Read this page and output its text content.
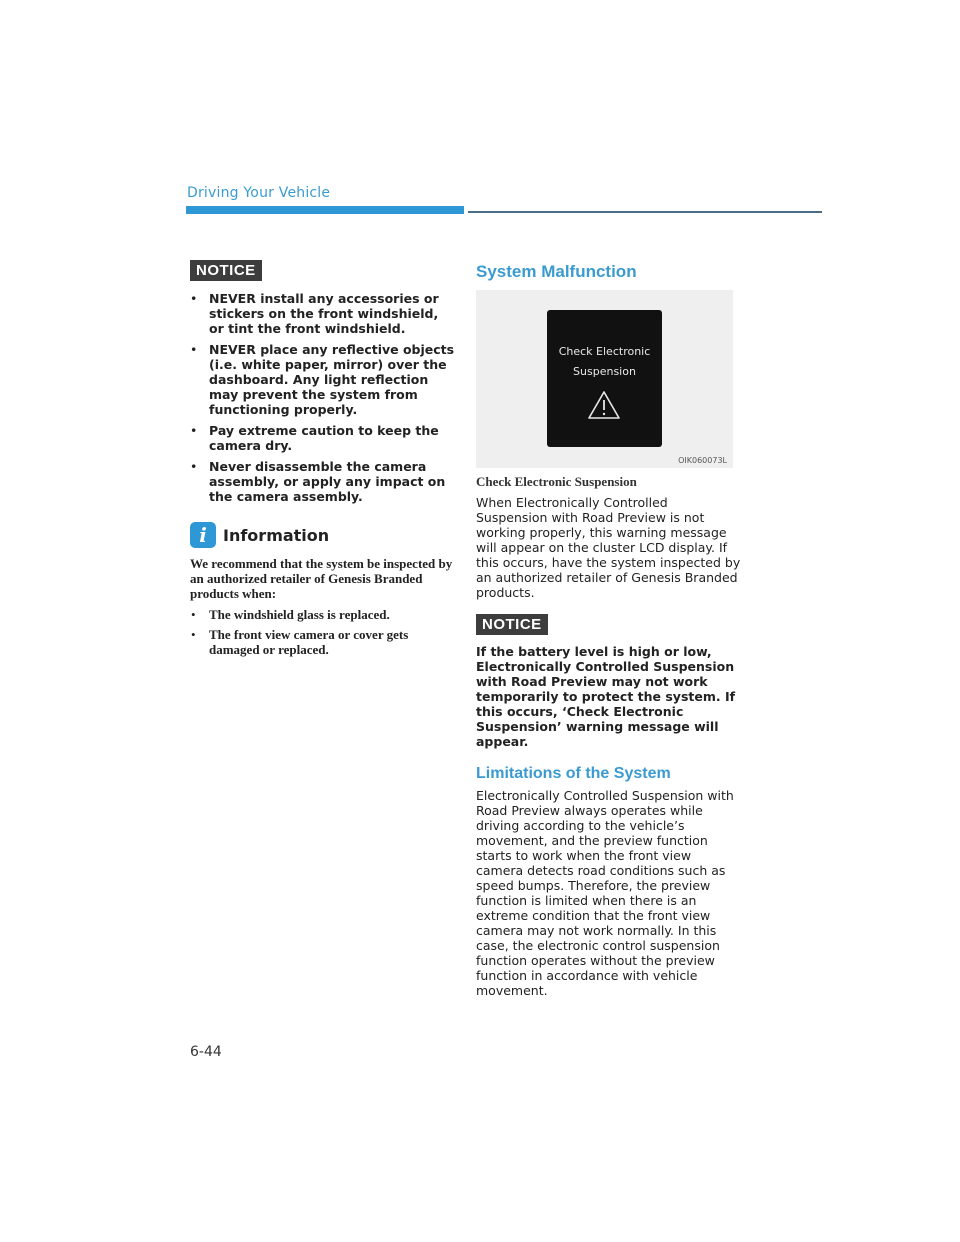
Driving Your Vehicle
NOTICE
• NEVER install any accessories or stickers on the front windshield, or tint the front windshield.
• NEVER place any reflective objects (i.e. white paper, mirror) over the dashboard. Any light reflection may prevent the system from functioning properly.
• Pay extreme caution to keep the camera dry.
• Never disassemble the camera assembly, or apply any impact on the camera assembly.
i	Information

We recommend that the system be inspected by an authorized retailer of Genesis Branded products when:

• The windshield glass is replaced.
• The front view camera or cover gets damaged or replaced.
System Malfunction
Check Electronic
Suspension
OIK060073L
Check Electronic Suspension

When Electronically Controlled Suspension with Road Preview is not working properly, this warning message will appear on the cluster LCD display. If this occurs, have the system inspected by an authorized retailer of Genesis Branded products.

NOTICE

If the battery level is high or low, Electronically Controlled Suspension with Road Preview may not work temporarily to protect the system. If this occurs, ‘Check Electronic Suspension’ warning message will appear.

Limitations of the System

Electronically Controlled Suspension with Road Preview always operates while driving according to the vehicle’s movement, and the preview function starts to work when the front view camera detects road conditions such as speed bumps. Therefore, the preview function is limited when there is an extreme condition that the front view camera may not work normally. In this case, the electronic control suspension function operates without the preview function in accordance with vehicle movement.

6-44
